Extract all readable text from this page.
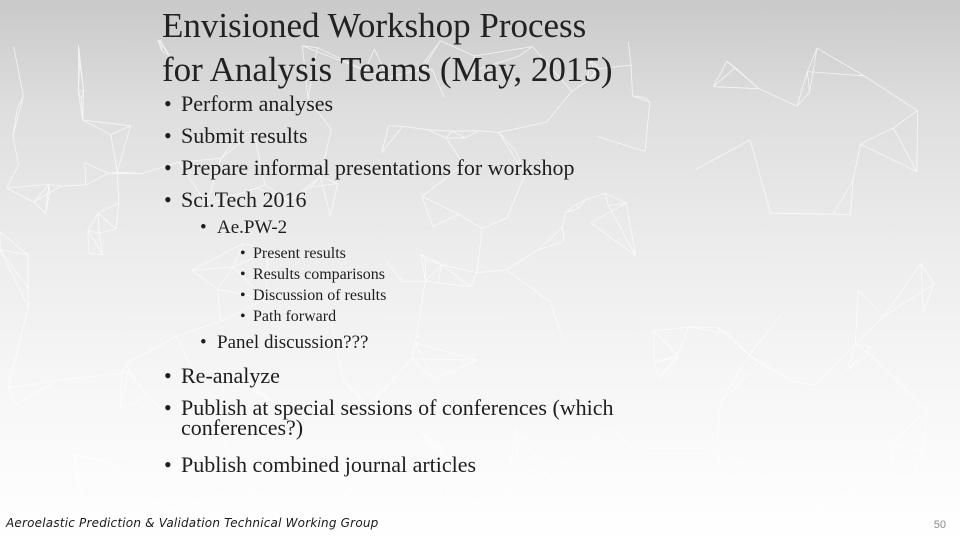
Envisioned Workshop Process
for Analysis Teams (May, 2015)
• Perform analyses
• Submit results
• Prepare informal presentations for workshop
• Sci.Tech 2016
• Ae.PW-2
• Present results
• Results comparisons
• Discussion of results
• Path forward
• Panel discussion???
• Re-analyze
• Publish at special sessions of conferences (which conferences?)
• Publish combined journal articles
Aeroelastic Prediction & Validation Technical Working Group	50
